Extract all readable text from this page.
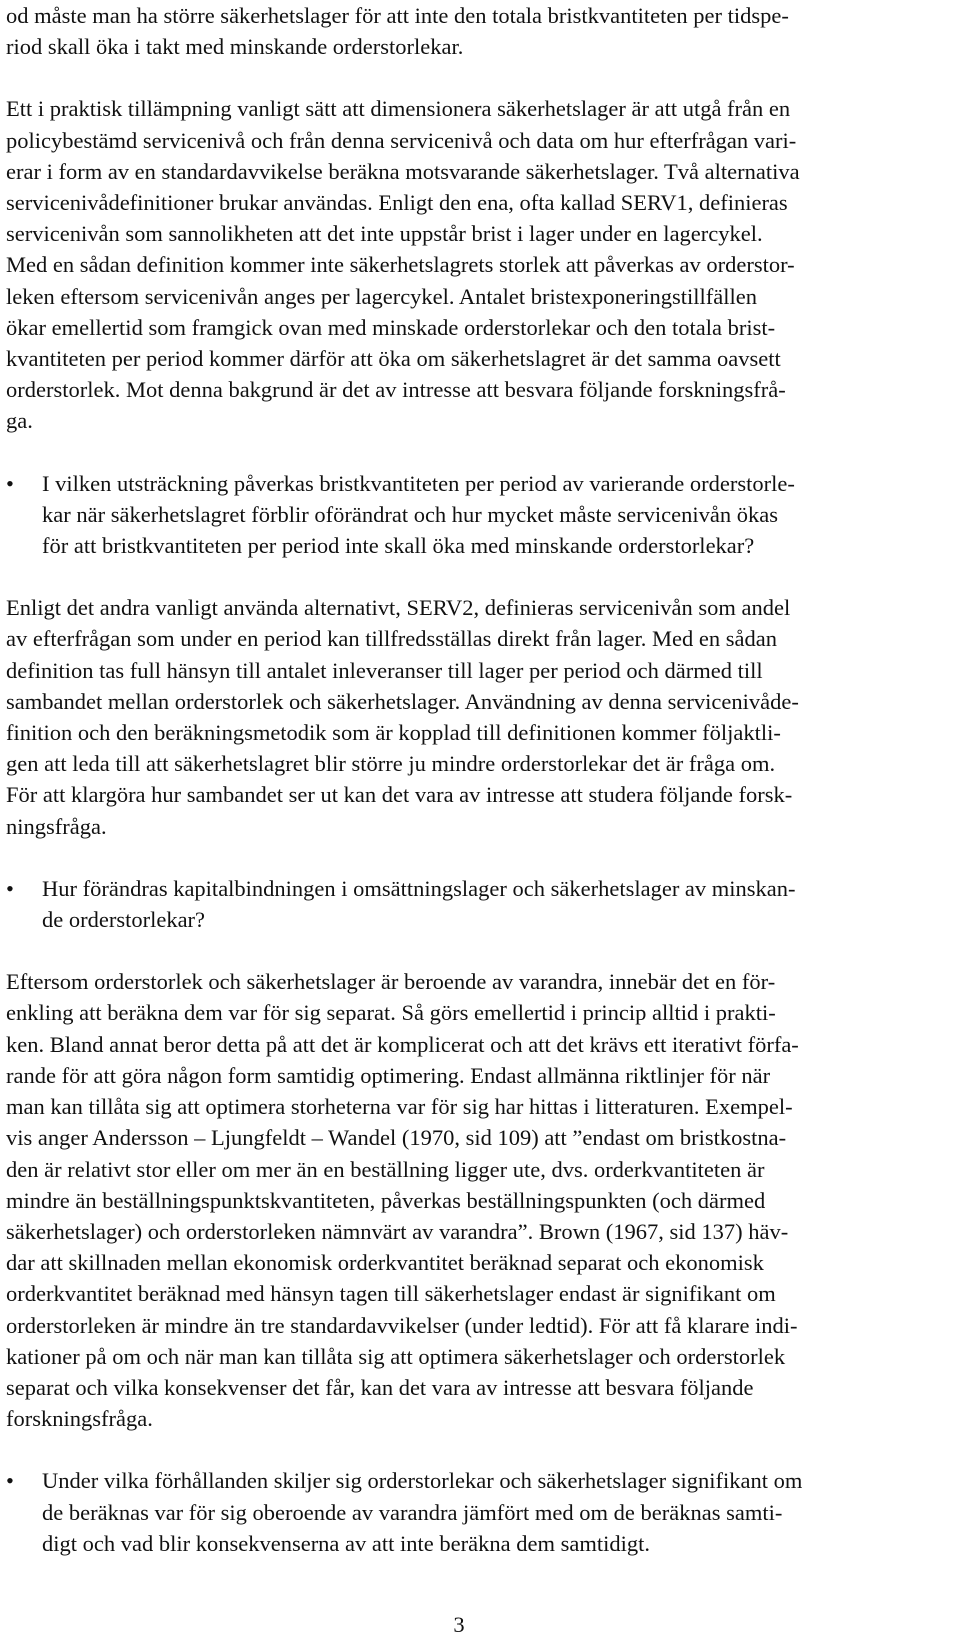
od måste man ha större säkerhetslager för att inte den totala bristkvantiteten per tidspe-
riod skall öka i takt med minskande orderstorlekar.

Ett i praktisk tillämpning vanligt sätt att dimensionera säkerhetslager är att utgå från en
policybestämd servicenivå och från denna servicenivå och data om hur efterfrågan vari-
erar i form av en standardavvikelse beräkna motsvarande säkerhetslager. Två alternativa
servicenivådefinitioner brukar användas. Enligt den ena, ofta kallad SERV1, definieras
servicenivån som sannolikheten att det inte uppstår brist i lager under en lagercykel.
Med en sådan definition kommer inte säkerhetslagrets storlek att påverkas av orderstor-
leken eftersom servicenivån anges per lagercykel. Antalet bristexponeringstillfällen
ökar emellertid som framgick ovan med minskade orderstorlekar och den totala brist-
kvantiteten per period kommer därför att öka om säkerhetslagret är det samma oavsett
orderstorlek. Mot denna bakgrund är det av intresse att besvara följande forskningsfrå-
ga.

• I vilken utsträckning påverkas bristkvantiteten per period av varierande orderstorle-
kar när säkerhetslagret förblir oförändrat och hur mycket måste servicenivån ökas
för att bristkvantiteten per period inte skall öka med minskande orderstorlekar?

Enligt det andra vanligt använda alternativt, SERV2, definieras servicenivån som andel
av efterfrågan som under en period kan tillfredsställas direkt från lager. Med en sådan
definition tas full hänsyn till antalet inleveranser till lager per period och därmed till
sambandet mellan orderstorlek och säkerhetslager. Användning av denna servicenivåde-
finition och den beräkningsmetodik som är kopplad till definitionen kommer följaktli-
gen att leda till att säkerhetslagret blir större ju mindre orderstorlekar det är fråga om.
För att klargöra hur sambandet ser ut kan det vara av intresse att studera följande forsk-
ningsfråga.

• Hur förändras kapitalbindningen i omsättningslager och säkerhetslager av minskan-
de orderstorlekar?

Eftersom orderstorlek och säkerhetslager är beroende av varandra, innebär det en för-
enkling att beräkna dem var för sig separat. Så görs emellertid i princip alltid i prakti-
ken. Bland annat beror detta på att det är komplicerat och att det krävs ett iterativt förfa-
rande för att göra någon form samtidig optimering. Endast allmänna riktlinjer för när
man kan tillåta sig att optimera storheterna var för sig har hittas i litteraturen. Exempel-
vis anger Andersson – Ljungfeldt – Wandel (1970, sid 109) att ”endast om bristkostna-
den är relativt stor eller om mer än en beställning ligger ute, dvs. orderkvantiteten är
mindre än beställningspunktskvantiteten, påverkas beställningspunkten (och därmed
säkerhetslager) och orderstorleken nämnvärt av varandra”. Brown (1967, sid 137) häv-
dar att skillnaden mellan ekonomisk orderkvantitet beräknad separat och ekonomisk
orderkvantitet beräknad med hänsyn tagen till säkerhetslager endast är signifikant om
orderstorleken är mindre än tre standardavvikelser (under ledtid). För att få klarare indi-
kationer på om och när man kan tillåta sig att optimera säkerhetslager och orderstorlek
separat och vilka konsekvenser det får, kan det vara av intresse att besvara följande
forskningsfråga.

• Under vilka förhållanden skiljer sig orderstorlekar och säkerhetslager signifikant om
de beräknas var för sig oberoende av varandra jämfört med om de beräknas samti-
digt och vad blir konsekvenserna av att inte beräkna dem samtidigt.
3
